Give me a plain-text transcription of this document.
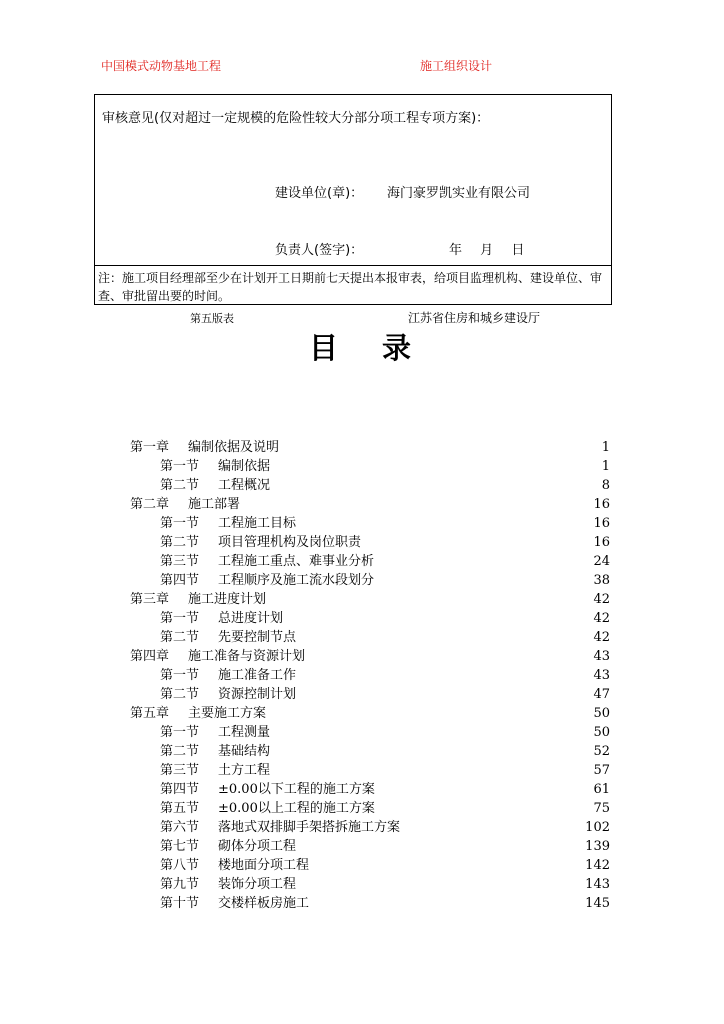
中国模式动物基地工程	施工组织设计
审核意见(仅对超过一定规模的危险性较大分部分项工程专项方案)：
建设单位(章)： 海门豪罗凯实业有限公司
负责人(签字)：	年 月 日
注：施工项目经理部至少在计划开工日期前七天提出本报审表，给项目监理机构、建设单位、审查、审批留出要的时间。
第五版表	江苏省住房和城乡建设厅
目录
第一章 编制依据及说明	1
第一节 编制依据	1
第二节 工程概况	8
第二章 施工部署	16
第一节 工程施工目标	16
第二节 项目管理机构及岗位职责	16
第三节 工程施工重点、难事业分析	24
第四节 工程顺序及施工流水段划分	38
第三章 施工进度计划	42
第一节 总进度计划	42
第二节 先要控制节点	42
第四章 施工准备与资源计划	43
第一节 施工准备工作	43
第二节 资源控制计划	47
第五章 主要施工方案	50
第一节 工程测量	50
第二节 基础结构	52
第三节 土方工程	57
第四节 ±0.00以下工程的施工方案	61
第五节 ±0.00以上工程的施工方案	75
第六节 落地式双排脚手架搭拆施工方案	102
第七节 砌体分项工程	139
第八节 楼地面分项工程	142
第九节 装饰分项工程	143
第十节 交楼样板房施工	145
